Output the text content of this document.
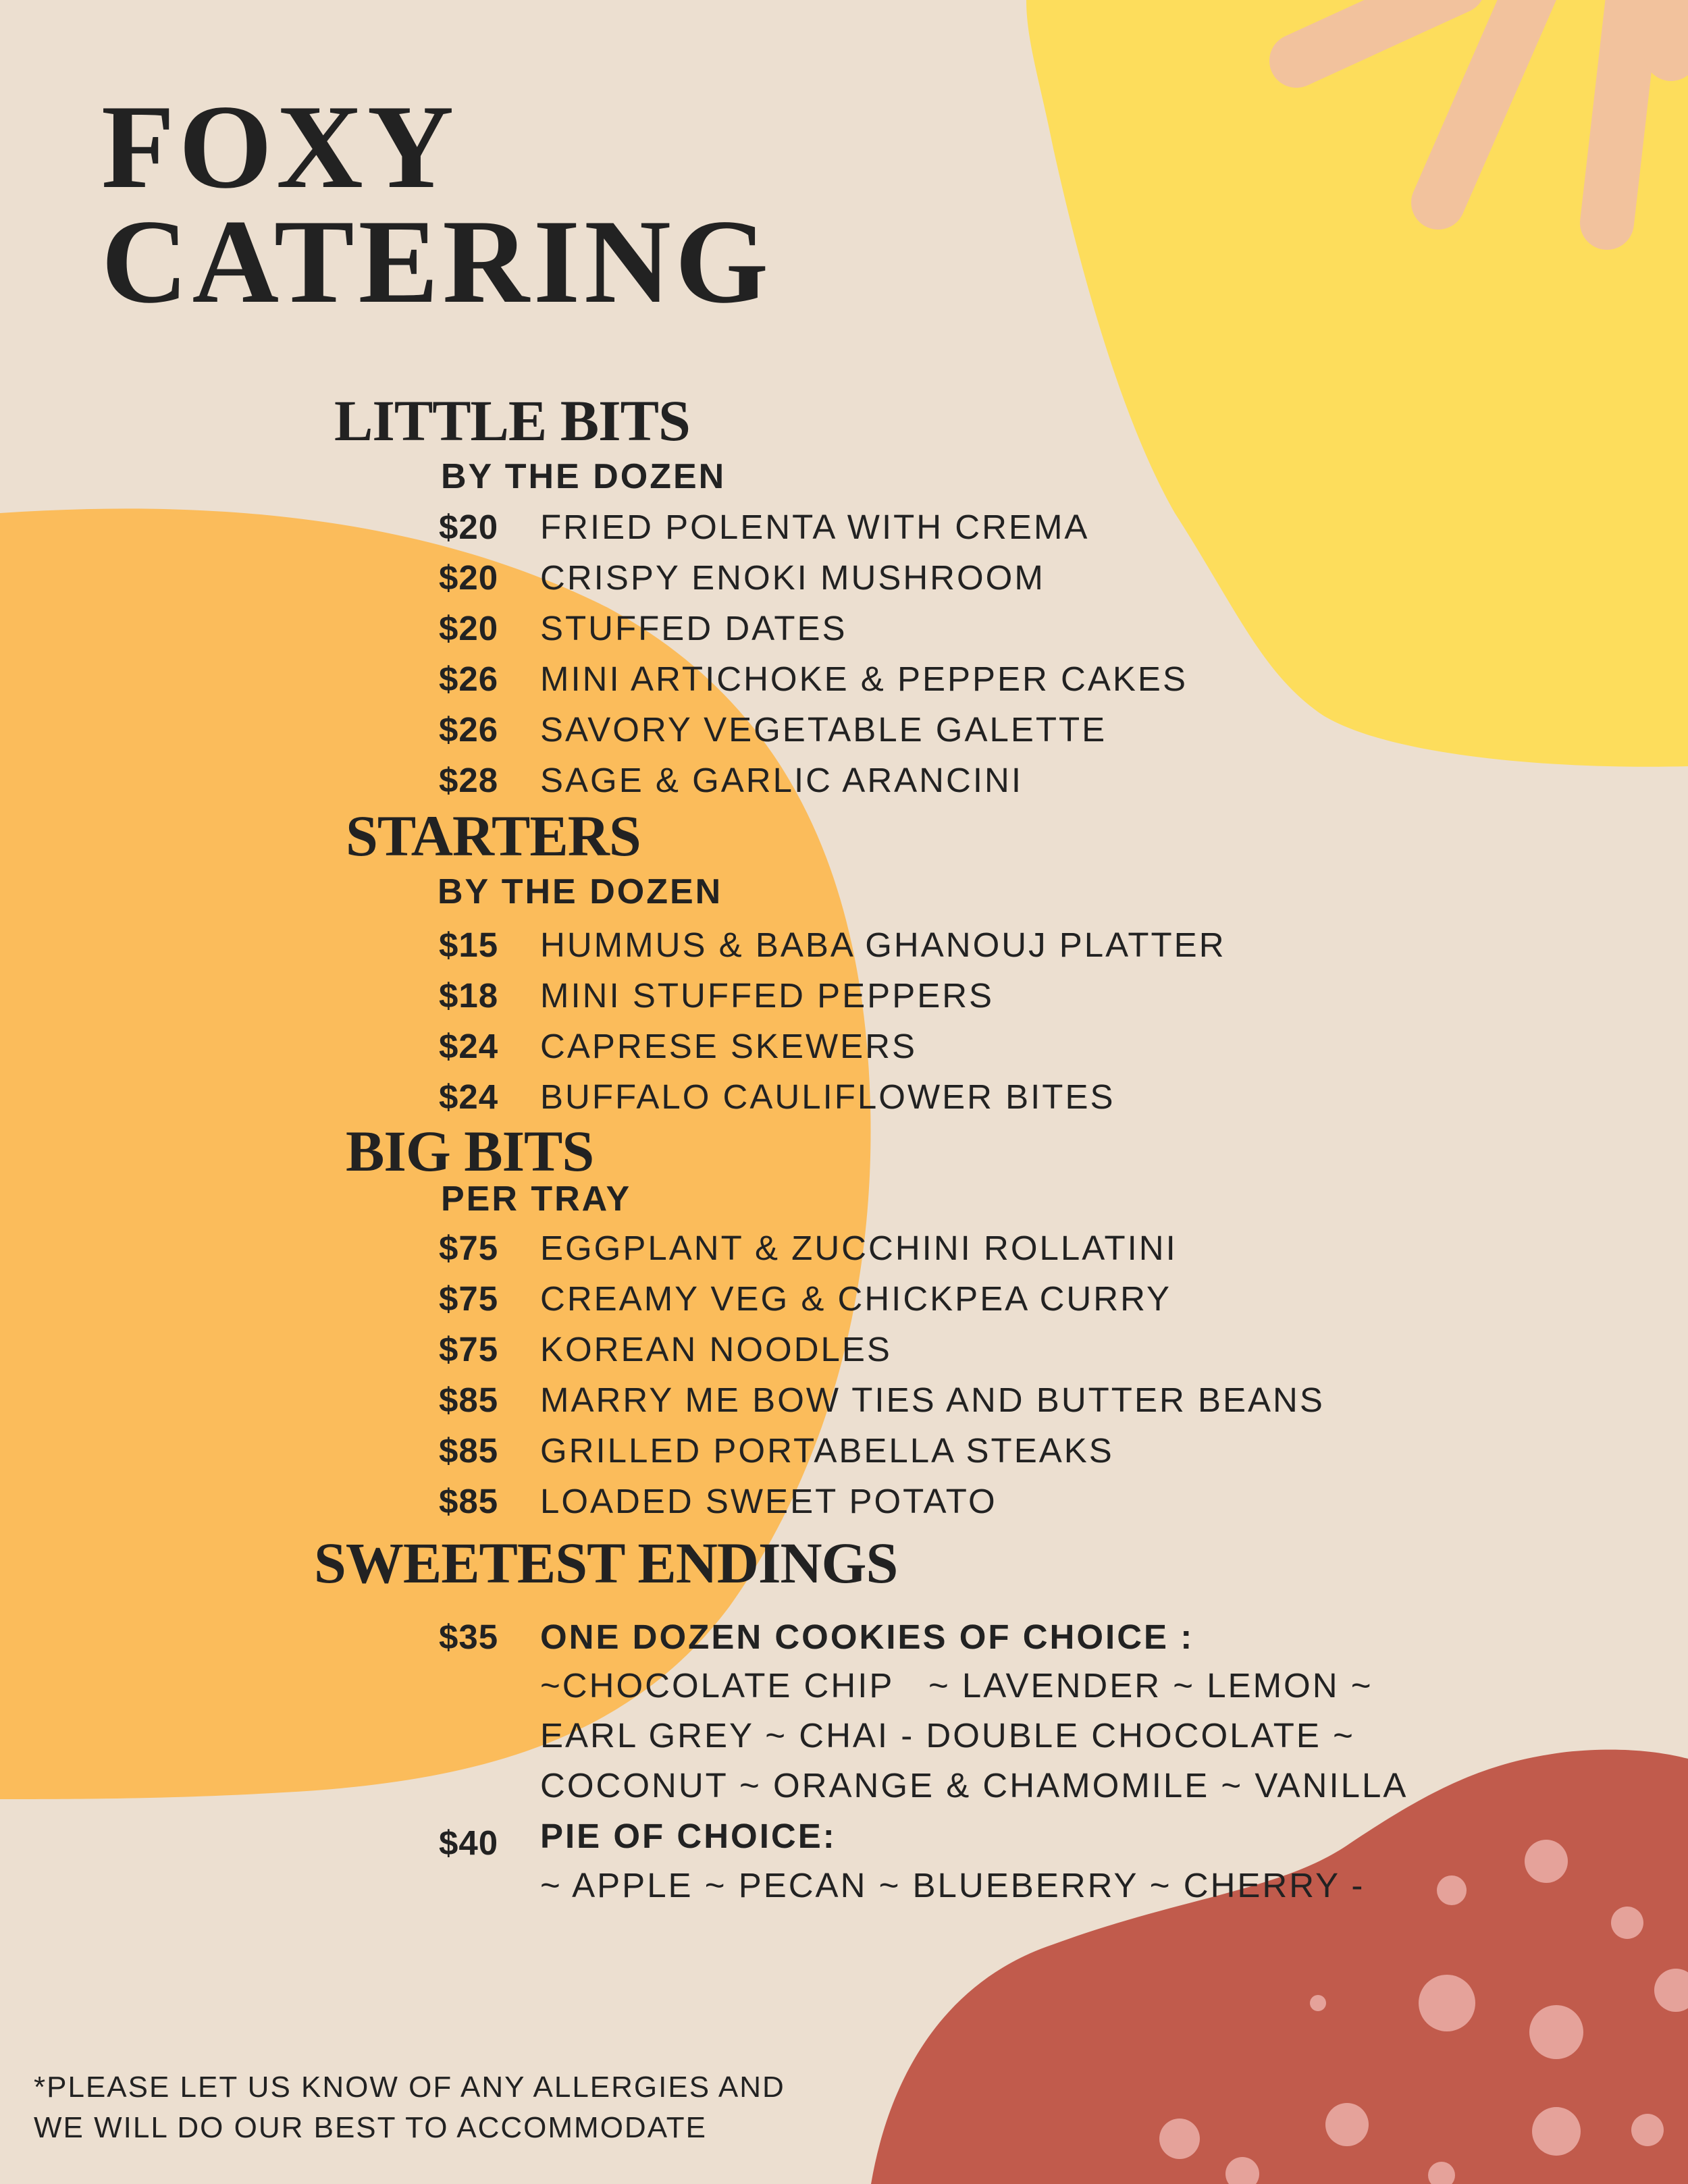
FOXY
CATERING
LITTLE BITS
BY THE DOZEN
$20	FRIED POLENTA WITH CREMA
$20	CRISPY ENOKI MUSHROOM
$20	STUFFED DATES
$26	MINI ARTICHOKE & PEPPER CAKES
$26	SAVORY VEGETABLE GALETTE
$28	SAGE & GARLIC ARANCINI
STARTERS
BY THE DOZEN
$15	HUMMUS & BABA GHANOUJ PLATTER
$18	MINI STUFFED PEPPERS
$24	CAPRESE SKEWERS
$24	BUFFALO CAULIFLOWER BITES
BIG BITS
PER TRAY
$75	EGGPLANT & ZUCCHINI ROLLATINI
$75	CREAMY VEG & CHICKPEA CURRY
$75	KOREAN NOODLES
$85	MARRY ME BOW TIES AND BUTTER BEANS
$85	GRILLED PORTABELLA STEAKS
$85	LOADED SWEET POTATO
SWEETEST ENDINGS
$35	ONE DOZEN COOKIES OF CHOICE :
~CHOCOLATE CHIP   ~ LAVENDER ~ LEMON ~
EARL GREY ~ CHAI - DOUBLE CHOCOLATE ~
COCONUT ~ ORANGE & CHAMOMILE ~ VANILLA
$40	PIE OF CHOICE:
~ APPLE ~ PECAN ~ BLUEBERRY ~ CHERRY -
*PLEASE LET US KNOW OF ANY ALLERGIES AND
WE WILL DO OUR BEST TO ACCOMMODATE
